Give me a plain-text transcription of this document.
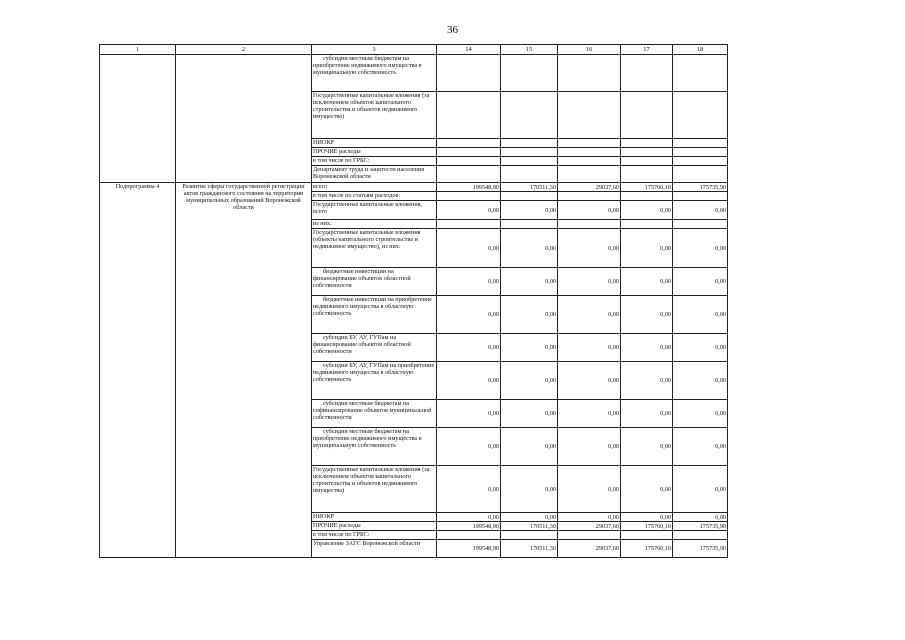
36
1	2	3	14	15	16	17	18
		субсидии местным бюджетам на приобретение недвижимого имущества в муниципальную собственность					
		Государственные капитальные вложения (за исключением объектов капитального строительства и объектов недвижимого имущества)					
		НИОКР					
		ПРОЧИЕ расходы					
		в том числе по ГРБС:					
		Департамент труда и занятости населения Воронежской области					
Подпрограмма 4	Развитие сферы государственной регистрации актов гражданского состояния на территории муниципальных образований Воронежской области	всего	199548,90	170511,30	29037,60	175760,10	175735,90
		в том числе по статьям расходов:					
		Государственные капитальные вложения, всего	0,00	0,00	0,00	0,00	0,00
		из них:					
		Государственные капитальные вложения (объекты капитального строительства и недвижимое имущество), из них:	0,00	0,00	0,00	0,00	0,00
		бюджетные инвестиции на финансирование объектов областной собственности	0,00	0,00	0,00	0,00	0,00
		бюджетные инвестиции на приобретение недвижимого имущества в областную собственность	0,00	0,00	0,00	0,00	0,00
		субсидии БУ, АУ, ГУПам на финансирование объектов областной собственности	0,00	0,00	0,00	0,00	0,00
		субсидии БУ, АУ, ГУПам на приобретение недвижимого имущества в областную собственность	0,00	0,00	0,00	0,00	0,00
		субсидии местным бюджетам на софинансирование объектов муниципальной собственности	0,00	0,00	0,00	0,00	0,00
		субсидии местным бюджетам на приобретение недвижимого имущества в муниципальную собственность	0,00	0,00	0,00	0,00	0,00
		Государственные капитальные вложения (за исключением объектов капитального строительства и объектов недвижимого имущества)	0,00	0,00	0,00	0,00	0,00
		НИОКР	0,00	0,00	0,00	0,00	0,00
		ПРОЧИЕ расходы	199548,90	170511,30	29037,60	175760,10	175735,90
		в том числе по ГРБС:					
		Управление ЗАГС Воронежской области	199548,90	170511,30	29037,60	175760,10	175735,90
